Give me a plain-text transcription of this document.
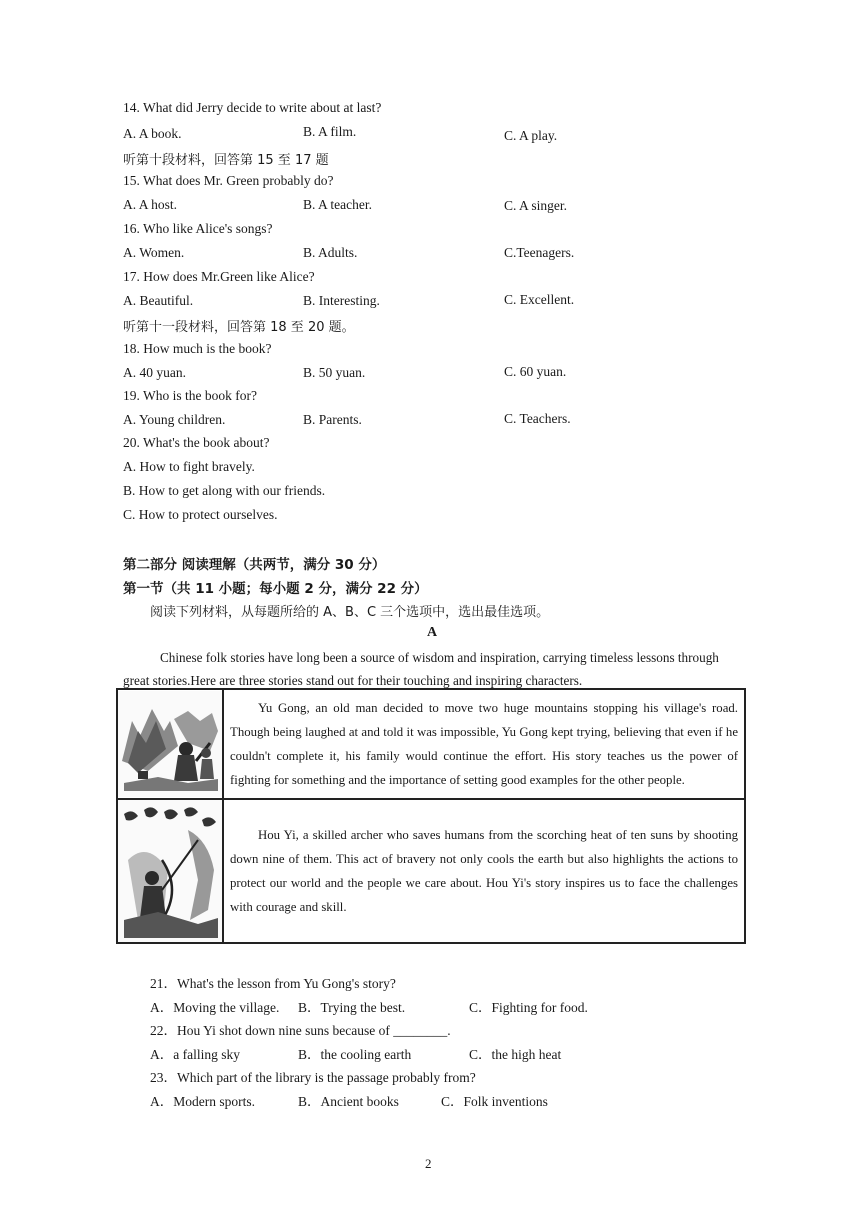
14. What did Jerry decide to write about at last?
A. A book.	B. A film.	C. A play.
听第十段材料，回答第 15 至 17 题
15. What does Mr. Green probably do?
A. A host.	B. A teacher.	C. A singer.
16. Who like Alice's songs?
A. Women.	B. Adults.	C.Teenagers.
17. How does Mr.Green like Alice?
A. Beautiful.	B. Interesting.	C. Excellent.
听第十一段材料，回答第 18 至 20 题。
18. How much is the book?
A. 40 yuan.	B. 50 yuan.	C. 60 yuan.
19. Who is the book for?
A. Young children.	B. Parents.	C. Teachers.
20. What's the book about?
A. How to fight bravely.
B. How to get along with our friends.
C. How to protect ourselves.
第二部分 阅读理解（共两节，满分 30 分）
第一节（共 11 小题；每小题 2 分，满分 22 分）
阅读下列材料，从每题所给的 A、B、C 三个选项中，选出最佳选项。
A
Chinese folk stories have long been a source of wisdom and inspiration, carrying timeless lessons through
great stories.Here are three stories stand out for their touching and inspiring characters.
	Yu Gong, an old man decided to move two huge mountains stopping his village's road. Though being laughed at and told it was impossible, Yu Gong kept trying, believing that even if he couldn't complete it, his family would continue the effort. His story teaches us the power of fighting for something and the importance of setting good examples for the other people.

	Hou Yi, a skilled archer who saves humans from the scorching heat of ten suns by shooting down nine of them. This act of bravery not only cools the earth but also highlights the actions to protect our world and the people we care about. Hou Yi's story inspires us to face the challenges with courage and skill.
21．What's the lesson from Yu Gong's story?
A．Moving the village. B．Trying the best.	C．Fighting for food.
22．Hou Yi shot down nine suns because of ________.
A．a falling sky	B．the cooling earth	C．the high heat
23．Which part of the library is the passage probably from?
A．Modern sports.	B．Ancient books	C．Folk inventions
2
